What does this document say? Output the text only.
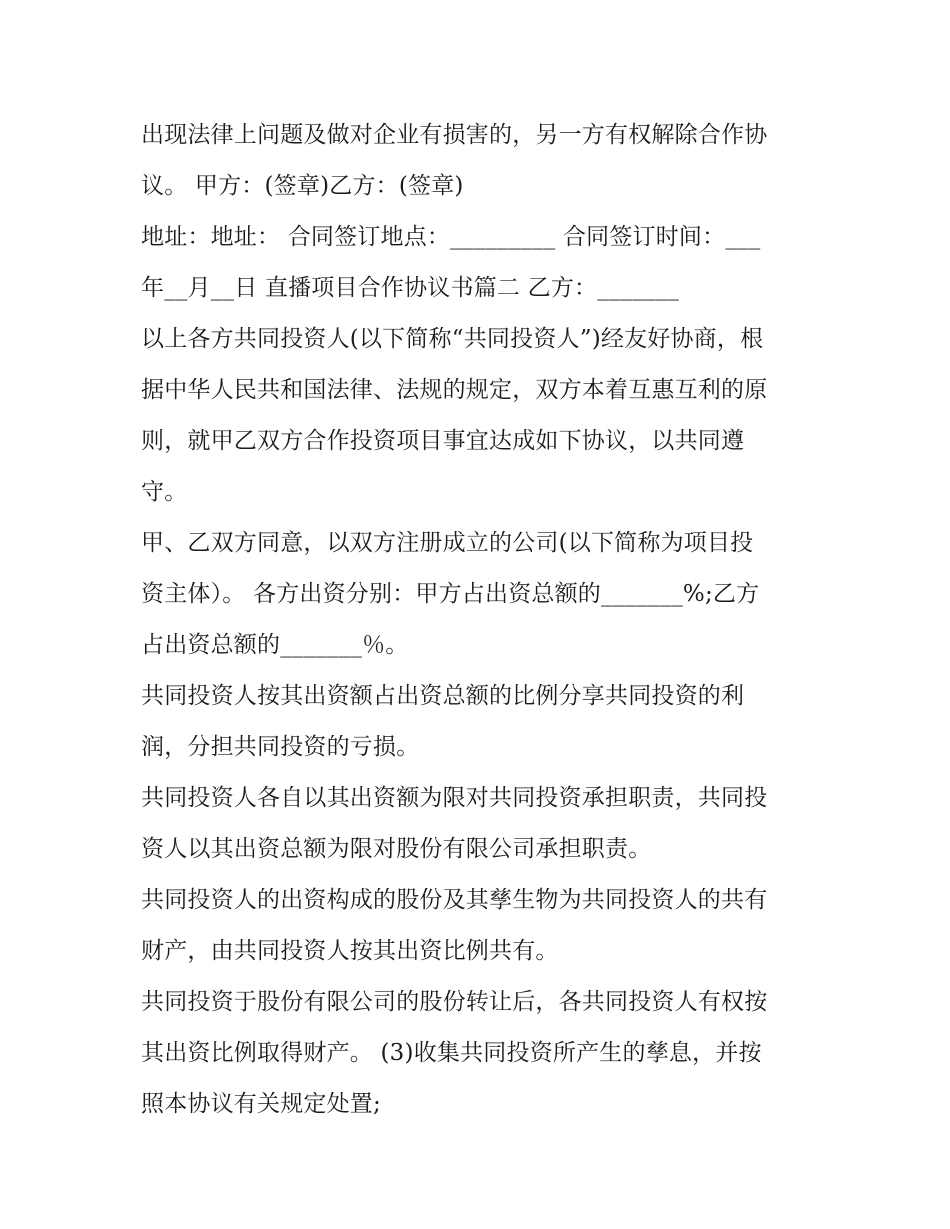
出现法律上问题及做对企业有损害的，另一方有权解除合作协
议。 甲方：(签章)乙方：(签章)
地址：地址： 合同签订地点：_________ 合同签订时间：___
年__月__日 直播项目合作协议书篇二 乙方：_______
以上各方共同投资人(以下简称“共同投资人”)经友好协商，根
据中华人民共和国法律、法规的规定，双方本着互惠互利的原
则，就甲乙双方合作投资项目事宜达成如下协议，以共同遵
守。
甲、乙双方同意，以双方注册成立的公司(以下简称为项目投
资主体）。 各方出资分别：甲方占出资总额的_______%;乙方
占出资总额的_______％。
共同投资人按其出资额占出资总额的比例分享共同投资的利
润，分担共同投资的亏损。
共同投资人各自以其出资额为限对共同投资承担职责，共同投
资人以其出资总额为限对股份有限公司承担职责。
共同投资人的出资构成的股份及其孳生物为共同投资人的共有
财产，由共同投资人按其出资比例共有。
共同投资于股份有限公司的股份转让后，各共同投资人有权按
其出资比例取得财产。 (3)收集共同投资所产生的孳息，并按
照本协议有关规定处置;
